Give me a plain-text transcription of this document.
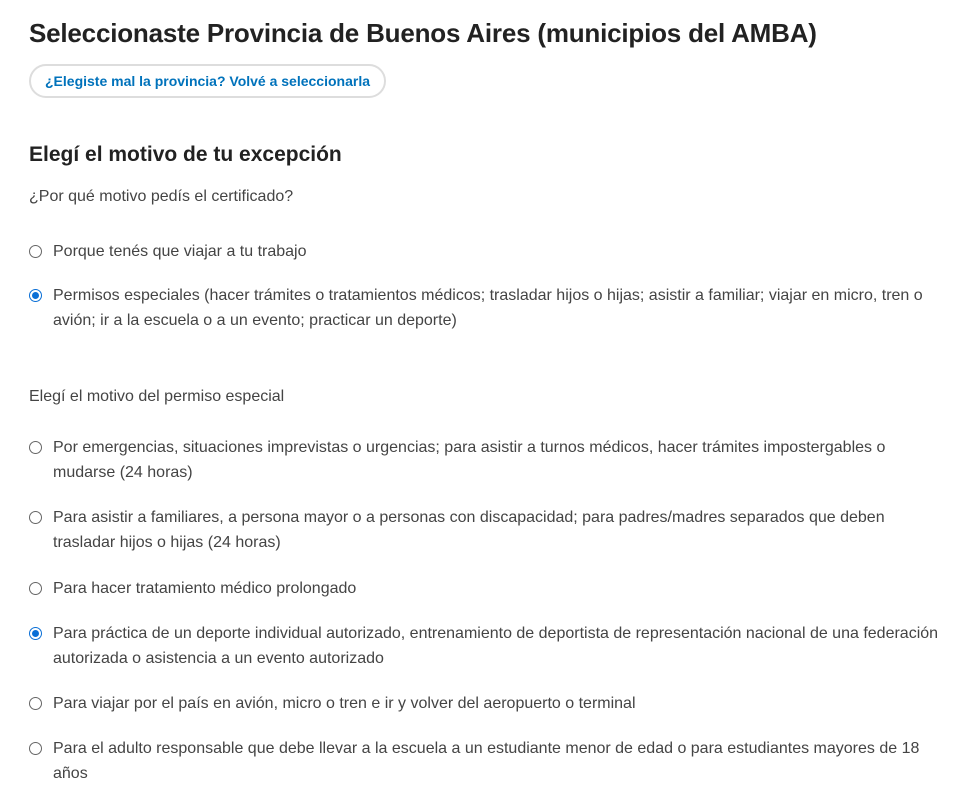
Seleccionaste Provincia de Buenos Aires (municipios del AMBA)
¿Elegiste mal la provincia? Volvé a seleccionarla
Elegí el motivo de tu excepción
¿Por qué motivo pedís el certificado?
Porque tenés que viajar a tu trabajo
Permisos especiales (hacer trámites o tratamientos médicos; trasladar hijos o hijas; asistir a familiar; viajar en micro, tren o avión; ir a la escuela o a un evento; practicar un deporte)
Elegí el motivo del permiso especial
Por emergencias, situaciones imprevistas o urgencias; para asistir a turnos médicos, hacer trámites impostergables o mudarse (24 horas)
Para asistir a familiares, a persona mayor o a personas con discapacidad; para padres/madres separados que deben trasladar hijos o hijas (24 horas)
Para hacer tratamiento médico prolongado
Para práctica de un deporte individual autorizado, entrenamiento de deportista de representación nacional de una federación autorizada o asistencia a un evento autorizado
Para viajar por el país en avión, micro o tren e ir y volver del aeropuerto o terminal
Para el adulto responsable que debe llevar a la escuela a un estudiante menor de edad o para estudiantes mayores de 18 años
